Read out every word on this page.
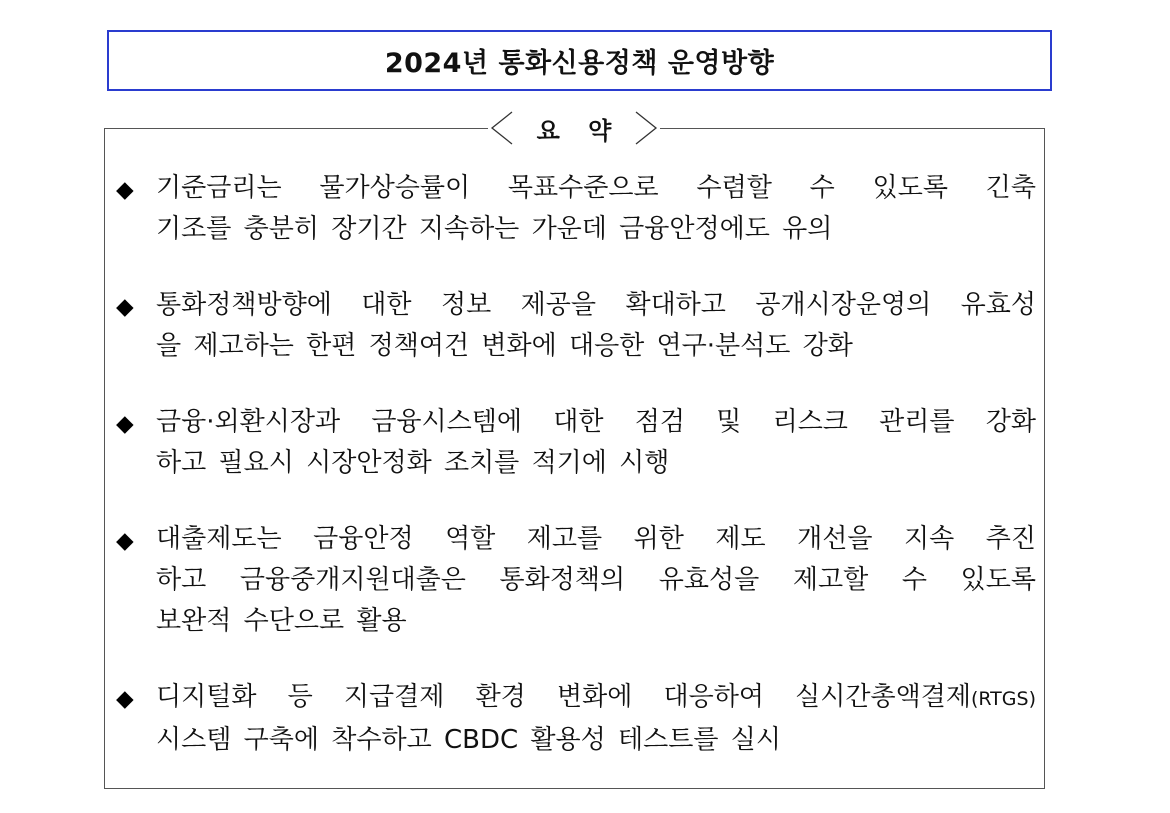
2024년 통화신용정책 운영방향
요 약
◆ 기준금리는 물가상승률이 목표수준으로 수렴할 수 있도록 긴축
기조를 충분히 장기간 지속하는 가운데 금융안정에도 유의
◆ 통화정책방향에 대한 정보 제공을 확대하고 공개시장운영의 유효성
을 제고하는 한편 정책여건 변화에 대응한 연구·분석도 강화
◆ 금융·외환시장과 금융시스템에 대한 점검 및 리스크 관리를 강화
하고 필요시 시장안정화 조치를 적기에 시행
◆ 대출제도는 금융안정 역할 제고를 위한 제도 개선을 지속 추진
하고 금융중개지원대출은 통화정책의 유효성을 제고할 수 있도록
보완적 수단으로 활용
◆ 디지털화 등 지급결제 환경 변화에 대응하여 실시간총액결제(RTGS)
시스템 구축에 착수하고 CBDC 활용성 테스트를 실시
